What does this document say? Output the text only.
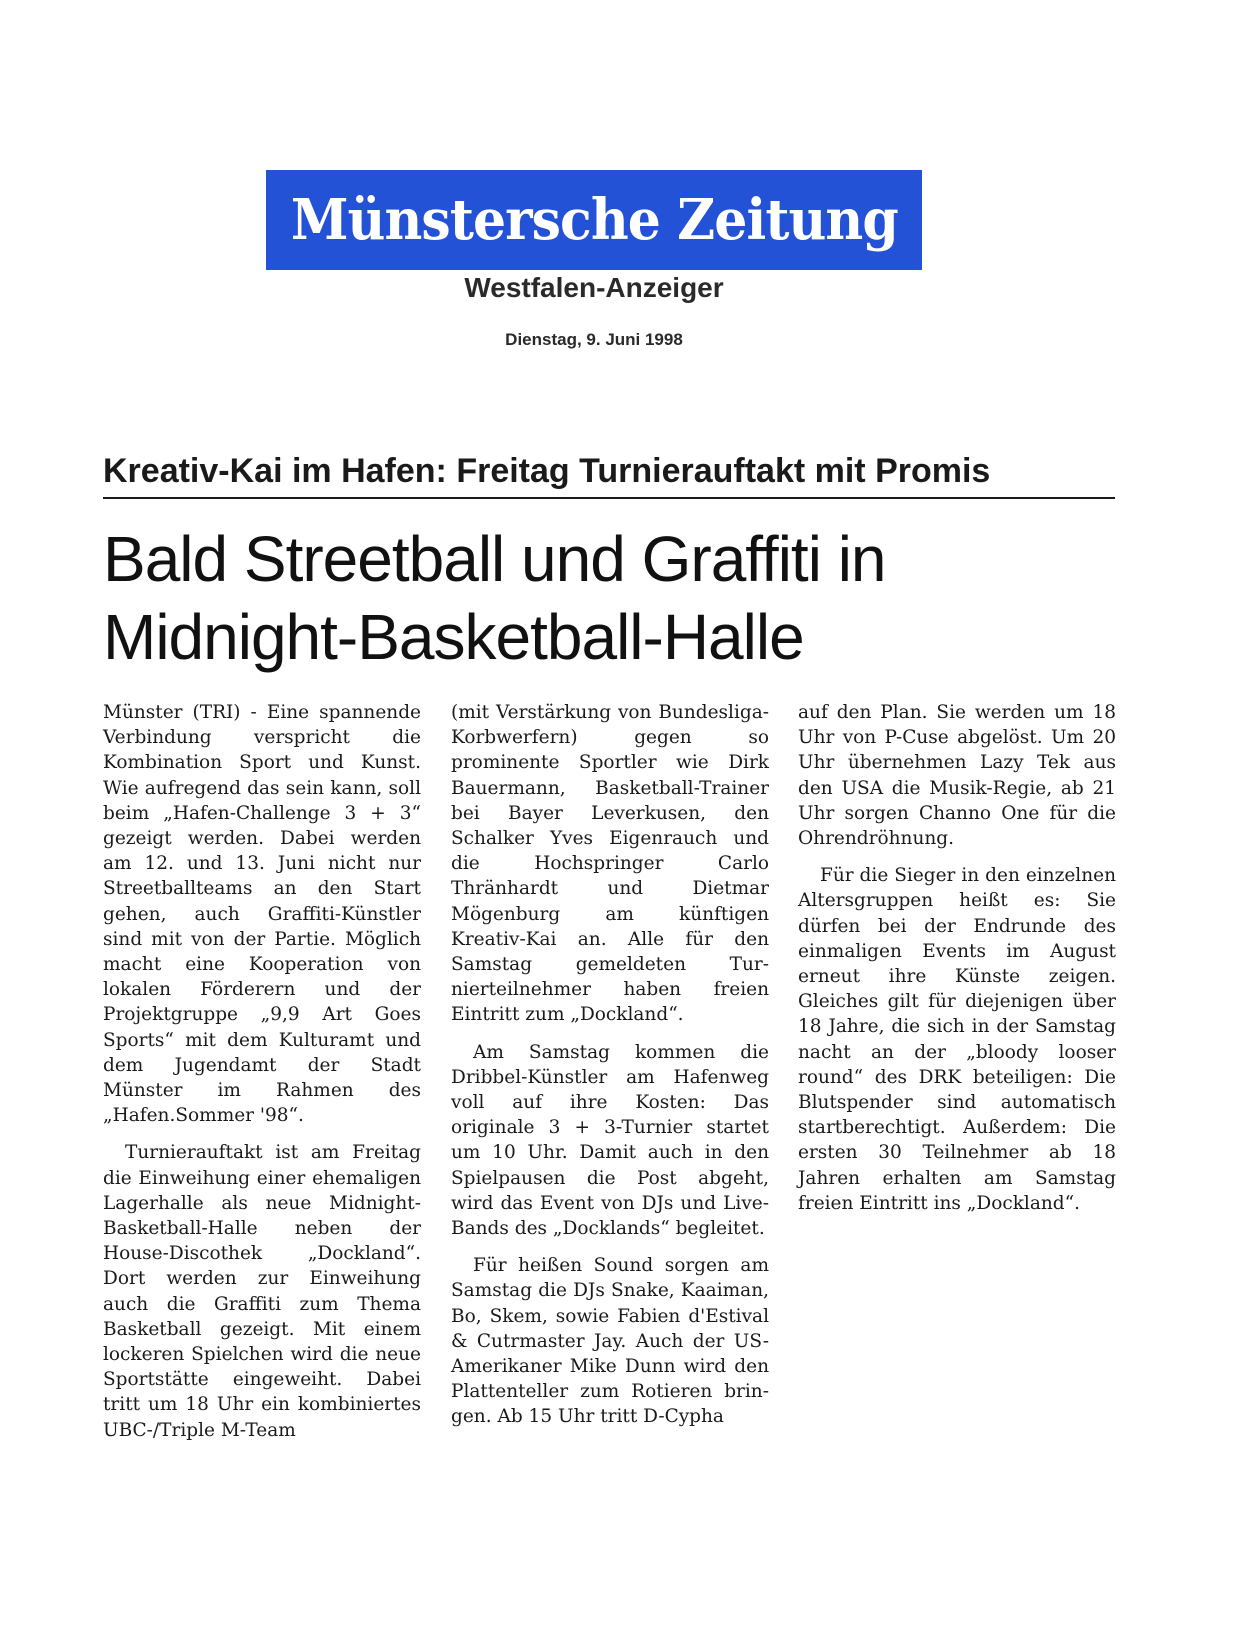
Münstersche Zeitung
Westfalen-Anzeiger
Dienstag, 9. Juni 1998
Kreativ-Kai im Hafen: Freitag Turnierauftakt mit Promis
Bald Streetball und Graffiti in
Midnight-Basketball-Halle

Münster (TRI) - Eine spannende Verbindung verspricht die Kombination Sport und Kunst. Wie aufregend das sein kann, soll beim „Hafen-Challenge 3 + 3“ gezeigt werden. Dabei werden am 12. und 13. Juni nicht nur Streetballteams an den Start gehen, auch Graffiti-Künstler sind mit von der Partie. Möglich macht eine Kooperation von lokalen Förderern und der Projektgruppe „9,9 Art Goes Sports“ mit dem Kulturamt und dem Jugendamt der Stadt Münster im Rahmen des „Hafen.Sommer '98“.

Turnierauftakt ist am Freitag die Einweihung einer ehemaligen Lagerhalle als neue Midnight-Basketball-Halle neben der House-Discothek „Dockland“. Dort werden zur Einweihung auch die Graffiti zum Thema Basketball gezeigt. Mit einem lockeren Spielchen wird die neue Sportstätte eingeweiht. Dabei tritt um 18 Uhr ein kombiniertes UBC-/Triple M-Team

(mit Verstärkung von Bundesliga-Korbwerfern) gegen so prominente Sportler wie Dirk Bauermann, Basketball-Trainer bei Bayer Leverkusen, den Schalker Yves Eigenrauch und die Hochspringer Carlo Thränhardt und Dietmar Mögenburg am künftigen Kreativ-Kai an. Alle für den Samstag gemeldeten Turnierteilnehmer haben freien Eintritt zum „Dockland“.

Am Samstag kommen die Dribbel-Künstler am Hafenweg voll auf ihre Kosten: Das originale 3 + 3-Turnier startet um 10 Uhr. Damit auch in den Spielpausen die Post abgeht, wird das Event von DJs und Live-Bands des „Docklands“ begleitet.

Für heißen Sound sorgen am Samstag die DJs Snake, Kaaiman, Bo, Skem, sowie Fabien d'Estival & Cutrmaster Jay. Auch der US-Amerikaner Mike Dunn wird den Plattenteller zum Rotieren bringen. Ab 15 Uhr tritt D-Cypha

auf den Plan. Sie werden um 18 Uhr von P-Cuse abgelöst. Um 20 Uhr übernehmen Lazy Tek aus den USA die Musik-Regie, ab 21 Uhr sorgen Channo One für die Ohrendröhnung.

Für die Sieger in den einzelnen Altersgruppen heißt es: Sie dürfen bei der Endrunde des einmaligen Events im August erneut ihre Künste zeigen. Gleiches gilt für diejenigen über 18 Jahre, die sich in der Samstag nacht an der „bloody looser round“ des DRK beteiligen: Die Blutspender sind automatisch startberechtigt. Außerdem: Die ersten 30 Teilnehmer ab 18 Jahren erhalten am Samstag freien Eintritt ins „Dockland“.
